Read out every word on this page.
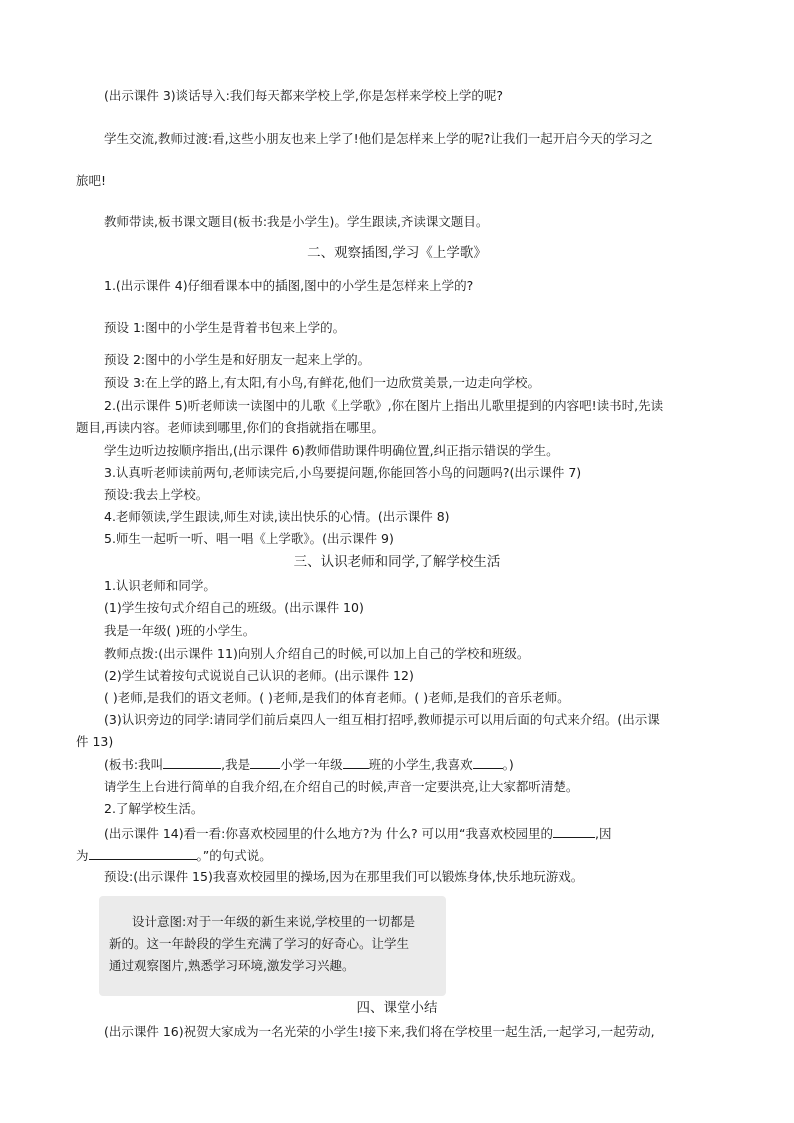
(出示课件 3)谈话导入:我们每天都来学校上学,你是怎样来学校上学的呢?
学生交流,教师过渡:看,这些小朋友也来上学了!他们是怎样来上学的呢?让我们一起开启今天的学习之
旅吧!
教师带读,板书课文题目(板书:我是小学生)。学生跟读,齐读课文题目。
二、观察插图,学习《上学歌》
1.(出示课件 4)仔细看课本中的插图,图中的小学生是怎样来上学的?
预设 1:图中的小学生是背着书包来上学的。
预设 2:图中的小学生是和好朋友一起来上学的。
预设 3:在上学的路上,有太阳,有小鸟,有鲜花,他们一边欣赏美景,一边走向学校。
2.(出示课件 5)听老师读一读图中的儿歌《上学歌》,你在图片上指出儿歌里提到的内容吧!读书时,先读
题目,再读内容。老师读到哪里,你们的食指就指在哪里。
学生边听边按顺序指出,(出示课件 6)教师借助课件明确位置,纠正指示错误的学生。
3.认真听老师读前两句,老师读完后,小鸟要提问题,你能回答小鸟的问题吗?(出示课件 7)
预设:我去上学校。
4.老师领读,学生跟读,师生对读,读出快乐的心情。(出示课件 8)
5.师生一起听一听、唱一唱《上学歌》。(出示课件 9)
三、认识老师和同学,了解学校生活
1.认识老师和同学。
(1)学生按句式介绍自己的班级。(出示课件 10)
我是一年级( )班的小学生。
教师点拨:(出示课件 11)向别人介绍自己的时候,可以加上自己的学校和班级。
(2)学生试着按句式说说自己认识的老师。(出示课件 12)
( )老师,是我们的语文老师。( )老师,是我们的体育老师。( )老师,是我们的音乐老师。
(3)认识旁边的同学:请同学们前后桌四人一组互相打招呼,教师提示可以用后面的句式来介绍。(出示课
件 13)
(板书:我叫	,我是 小学一年级 班的小学生,我喜欢 。)
请学生上台进行简单的自我介绍,在介绍自己的时候,声音一定要洪亮,让大家都听清楚。
2.了解学校生活。
(出示课件 14)看一看:你喜欢校园里的什么地方?为 什么? 可以用“我喜欢校园里的	,因
为	。”的句式说。
预设:(出示课件 15)我喜欢校园里的操场,因为在那里我们可以锻炼身体,快乐地玩游戏。
设计意图:对于一年级的新生来说,学校里的一切都是
新的。这一年龄段的学生充满了学习的好奇心。让学生
通过观察图片,熟悉学习环境,激发学习兴趣。
四、课堂小结
(出示课件 16)祝贺大家成为一名光荣的小学生!接下来,我们将在学校里一起生活,一起学习,一起劳动,
